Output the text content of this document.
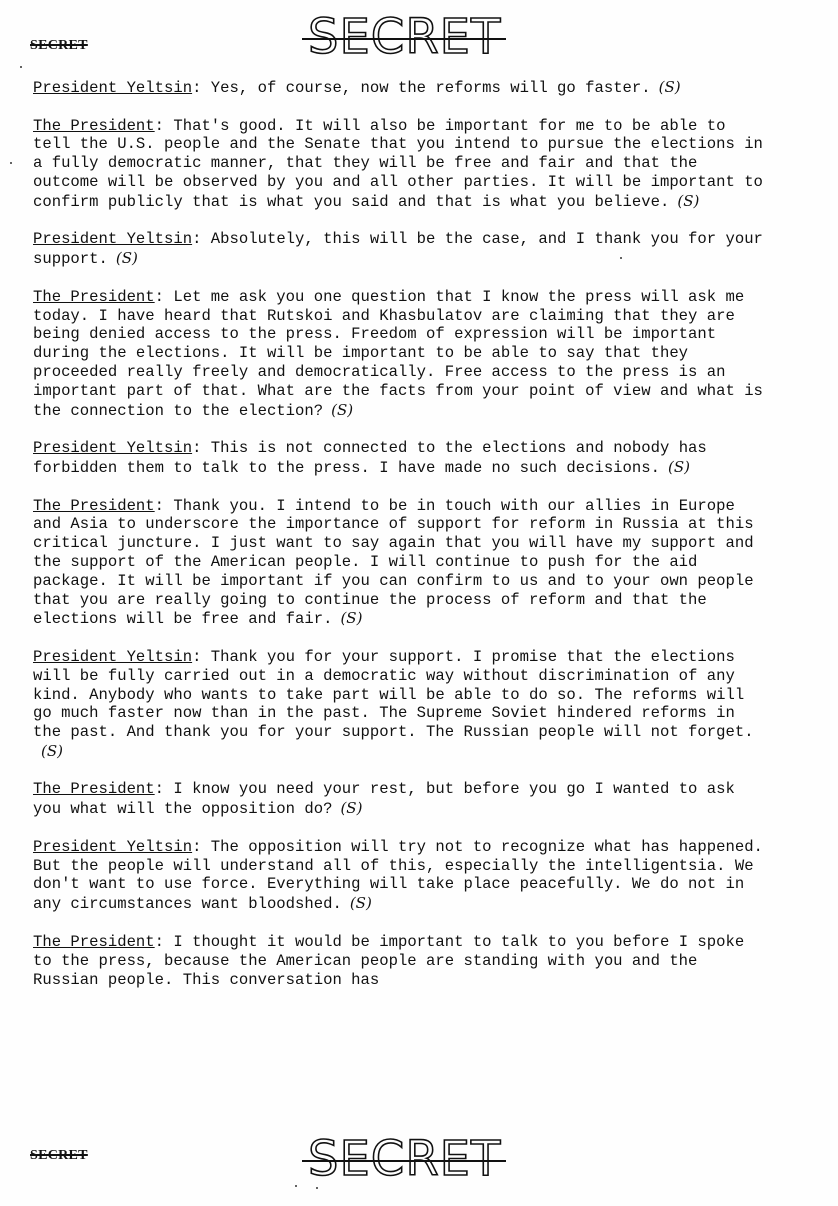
SECRET
SECRET

President Yeltsin: Yes, of course, now the reforms will go faster. (S)

The President: That's good. It will also be important for me to be able to tell the U.S. people and the Senate that you intend to pursue the elections in a fully democratic manner, that they will be free and fair and that the outcome will be observed by you and all other parties. It will be important to confirm publicly that is what you said and that is what you believe. (S)

President Yeltsin: Absolutely, this will be the case, and I thank you for your support. (S)

The President: Let me ask you one question that I know the press will ask me today. I have heard that Rutskoi and Khasbulatov are claiming that they are being denied access to the press. Freedom of expression will be important during the elections. It will be important to be able to say that they proceeded really freely and democratically. Free access to the press is an important part of that. What are the facts from your point of view and what is the connection to the election? (S)

President Yeltsin: This is not connected to the elections and nobody has forbidden them to talk to the press. I have made no such decisions. (S)

The President: Thank you. I intend to be in touch with our allies in Europe and Asia to underscore the importance of support for reform in Russia at this critical juncture. I just want to say again that you will have my support and the support of the American people. I will continue to push for the aid package. It will be important if you can confirm to us and to your own people that you are really going to continue the process of reform and that the elections will be free and fair. (S)

President Yeltsin: Thank you for your support. I promise that the elections will be fully carried out in a democratic way without discrimination of any kind. Anybody who wants to take part will be able to do so. The reforms will go much faster now than in the past. The Supreme Soviet hindered reforms in the past. And thank you for your support. The Russian people will not forget.(S)

The President: I know you need your rest, but before you go I wanted to ask you what will the opposition do? (S)

President Yeltsin: The opposition will try not to recognize what has happened. But the people will understand all of this, especially the intelligentsia. We don't want to use force. Everything will take place peacefully. We do not in any circumstances want bloodshed. (S)

The President: I thought it would be important to talk to you before I spoke to the press, because the American people are standing with you and the Russian people. This conversation has

SECRET	SECRET
